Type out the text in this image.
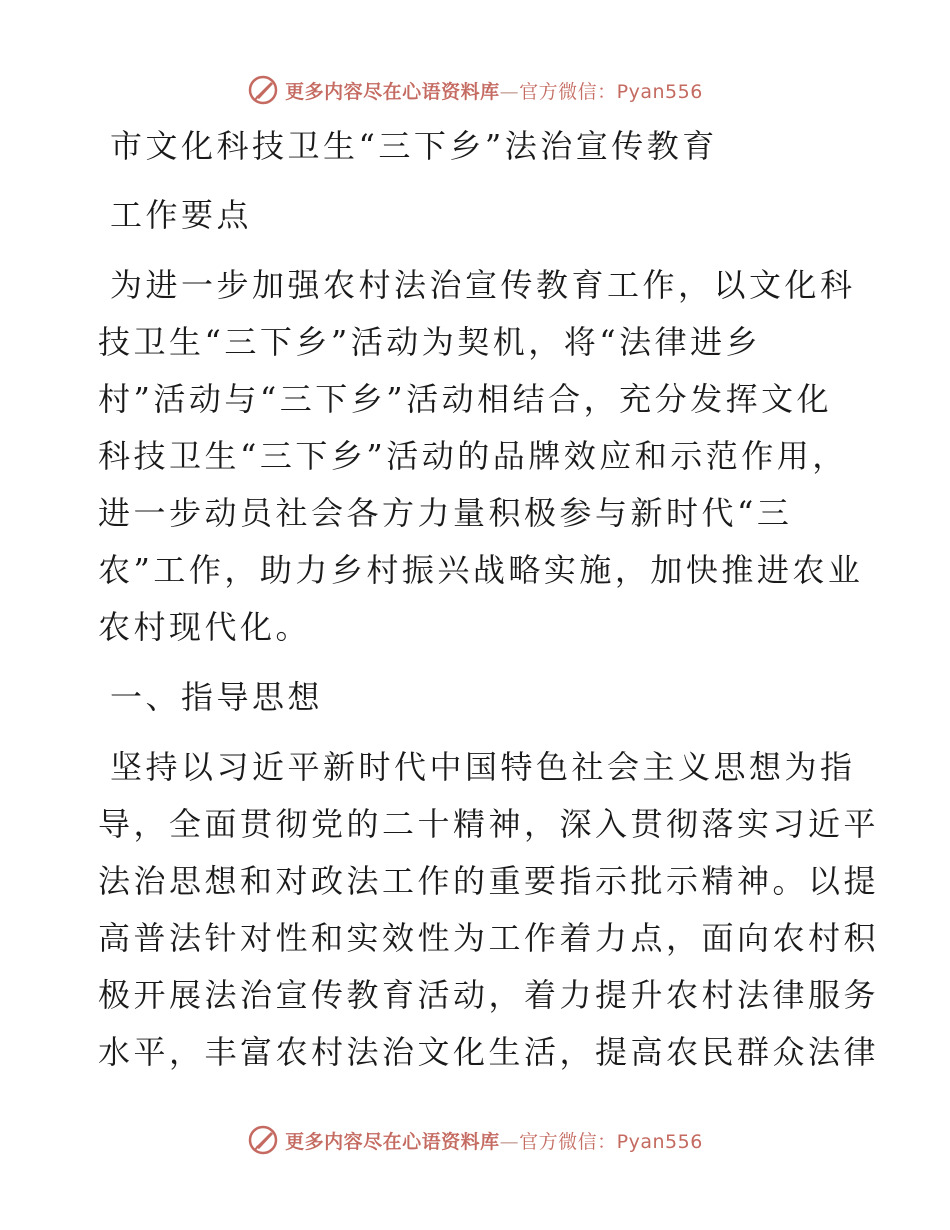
更多内容尽在心语资料库—官方微信：Pyan556

市文化科技卫生“三下乡”法治宣传教育

工作要点

为进一步加强农村法治宣传教育工作，以文化科

技卫生“三下乡”活动为契机，将“法律进乡

村”活动与“三下乡”活动相结合，充分发挥文化

科技卫生“三下乡”活动的品牌效应和示范作用，

进一步动员社会各方力量积极参与新时代“三

农”工作，助力乡村振兴战略实施，加快推进农业

农村现代化。

一、指导思想

坚持以习近平新时代中国特色社会主义思想为指

导，全面贯彻党的二十精神，深入贯彻落实习近平

法治思想和对政法工作的重要指示批示精神。以提

高普法针对性和实效性为工作着力点，面向农村积

极开展法治宣传教育活动，着力提升农村法律服务

水平，丰富农村法治文化生活，提高农民群众法律

更多内容尽在心语资料库—官方微信：Pyan556
